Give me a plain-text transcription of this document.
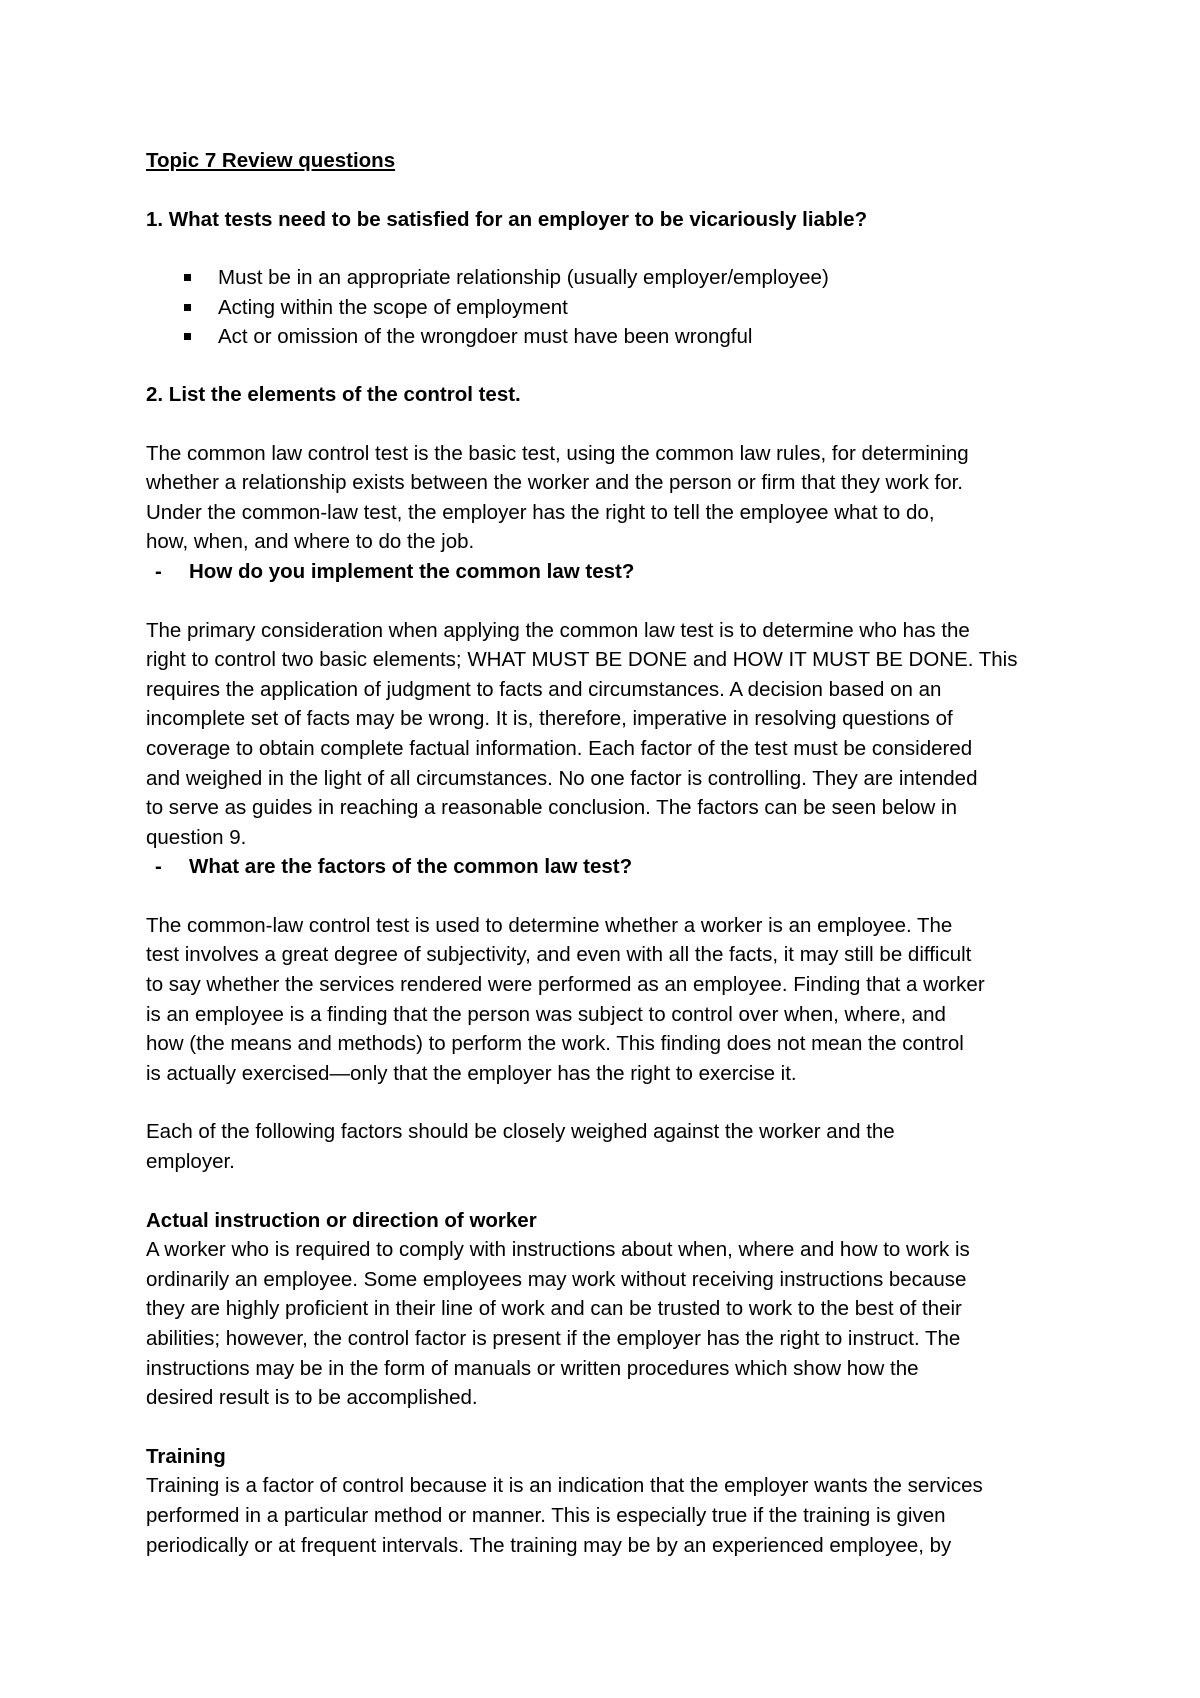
Topic 7 Review questions
1. What tests need to be satisfied for an employer to be vicariously liable?
Must be in an appropriate relationship (usually employer/employee)
Acting within the scope of employment
Act or omission of the wrongdoer must have been wrongful
2. List the elements of the control test.
The common law control test is the basic test, using the common law rules, for determining
whether a relationship exists between the worker and the person or firm that they work for.
Under the common-law test, the employer has the right to tell the employee what to do,
how, when, and where to do the job.
- How do you implement the common law test?
The primary consideration when applying the common law test is to determine who has the
right to control two basic elements; WHAT MUST BE DONE and HOW IT MUST BE DONE. This
requires the application of judgment to facts and circumstances. A decision based on an
incomplete set of facts may be wrong. It is, therefore, imperative in resolving questions of
coverage to obtain complete factual information. Each factor of the test must be considered
and weighed in the light of all circumstances. No one factor is controlling. They are intended
to serve as guides in reaching a reasonable conclusion. The factors can be seen below in
question 9.
- What are the factors of the common law test?
The common-law control test is used to determine whether a worker is an employee. The
test involves a great degree of subjectivity, and even with all the facts, it may still be difficult
to say whether the services rendered were performed as an employee. Finding that a worker
is an employee is a finding that the person was subject to control over when, where, and
how (the means and methods) to perform the work. This finding does not mean the control
is actually exercised—only that the employer has the right to exercise it.
Each of the following factors should be closely weighed against the worker and the
employer.
Actual instruction or direction of worker
A worker who is required to comply with instructions about when, where and how to work is
ordinarily an employee. Some employees may work without receiving instructions because
they are highly proficient in their line of work and can be trusted to work to the best of their
abilities; however, the control factor is present if the employer has the right to instruct. The
instructions may be in the form of manuals or written procedures which show how the
desired result is to be accomplished.
Training
Training is a factor of control because it is an indication that the employer wants the services
performed in a particular method or manner. This is especially true if the training is given
periodically or at frequent intervals. The training may be by an experienced employee, by
